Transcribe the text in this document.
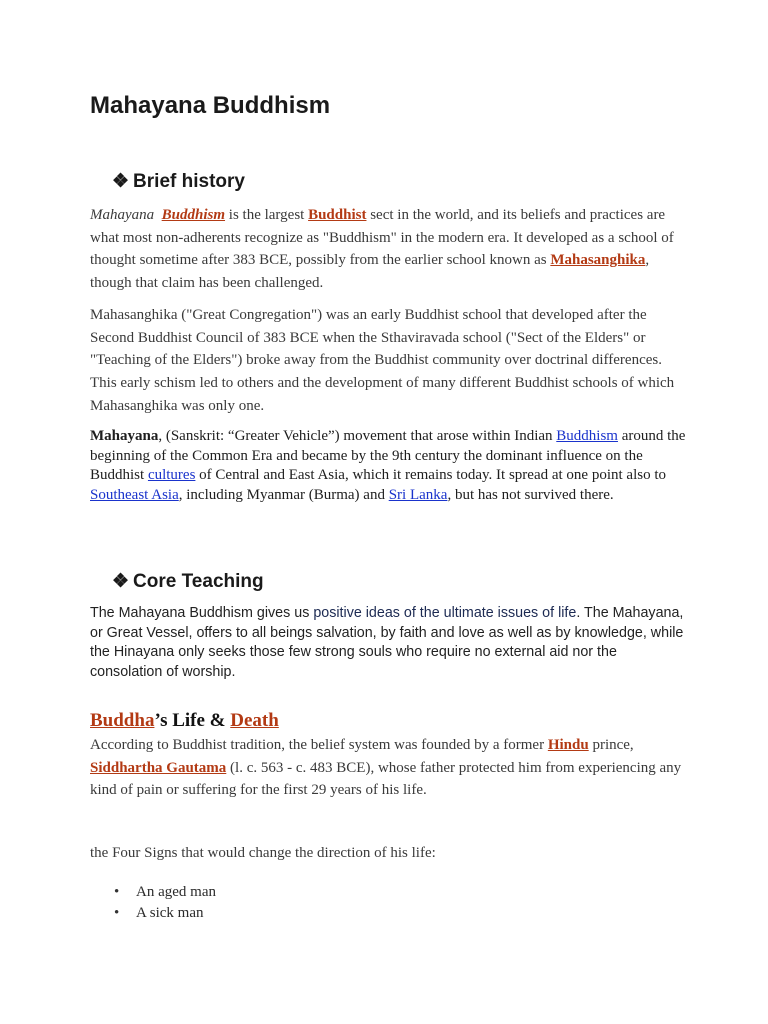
Mahayana Buddhism
❖ Brief history

Mahayana Buddhism is the largest Buddhist sect in the world, and its beliefs and practices are what most non-adherents recognize as "Buddhism" in the modern era. It developed as a school of thought sometime after 383 BCE, possibly from the earlier school known as Mahasanghika, though that claim has been challenged.

Mahasanghika ("Great Congregation") was an early Buddhist school that developed after the Second Buddhist Council of 383 BCE when the Sthaviravada school ("Sect of the Elders" or "Teaching of the Elders") broke away from the Buddhist community over doctrinal differences. This early schism led to others and the development of many different Buddhist schools of which Mahasanghika was only one.

Mahayana, (Sanskrit: “Greater Vehicle”) movement that arose within Indian Buddhism around the beginning of the Common Era and became by the 9th century the dominant influence on the Buddhist cultures of Central and East Asia, which it remains today. It spread at one point also to Southeast Asia, including Myanmar (Burma) and Sri Lanka, but has not survived there.

❖ Core Teaching

The Mahayana Buddhism gives us positive ideas of the ultimate issues of life. The Mahayana, or Great Vessel, offers to all beings salvation, by faith and love as well as by knowledge, while the Hinayana only seeks those few strong souls who require no external aid nor the consolation of worship.

Buddha’s Life & Death

According to Buddhist tradition, the belief system was founded by a former Hindu prince, Siddhartha Gautama (l. c. 563 - c. 483 BCE), whose father protected him from experiencing any kind of pain or suffering for the first 29 years of his life.

the Four Signs that would change the direction of his life:

• An aged man
• A sick man
